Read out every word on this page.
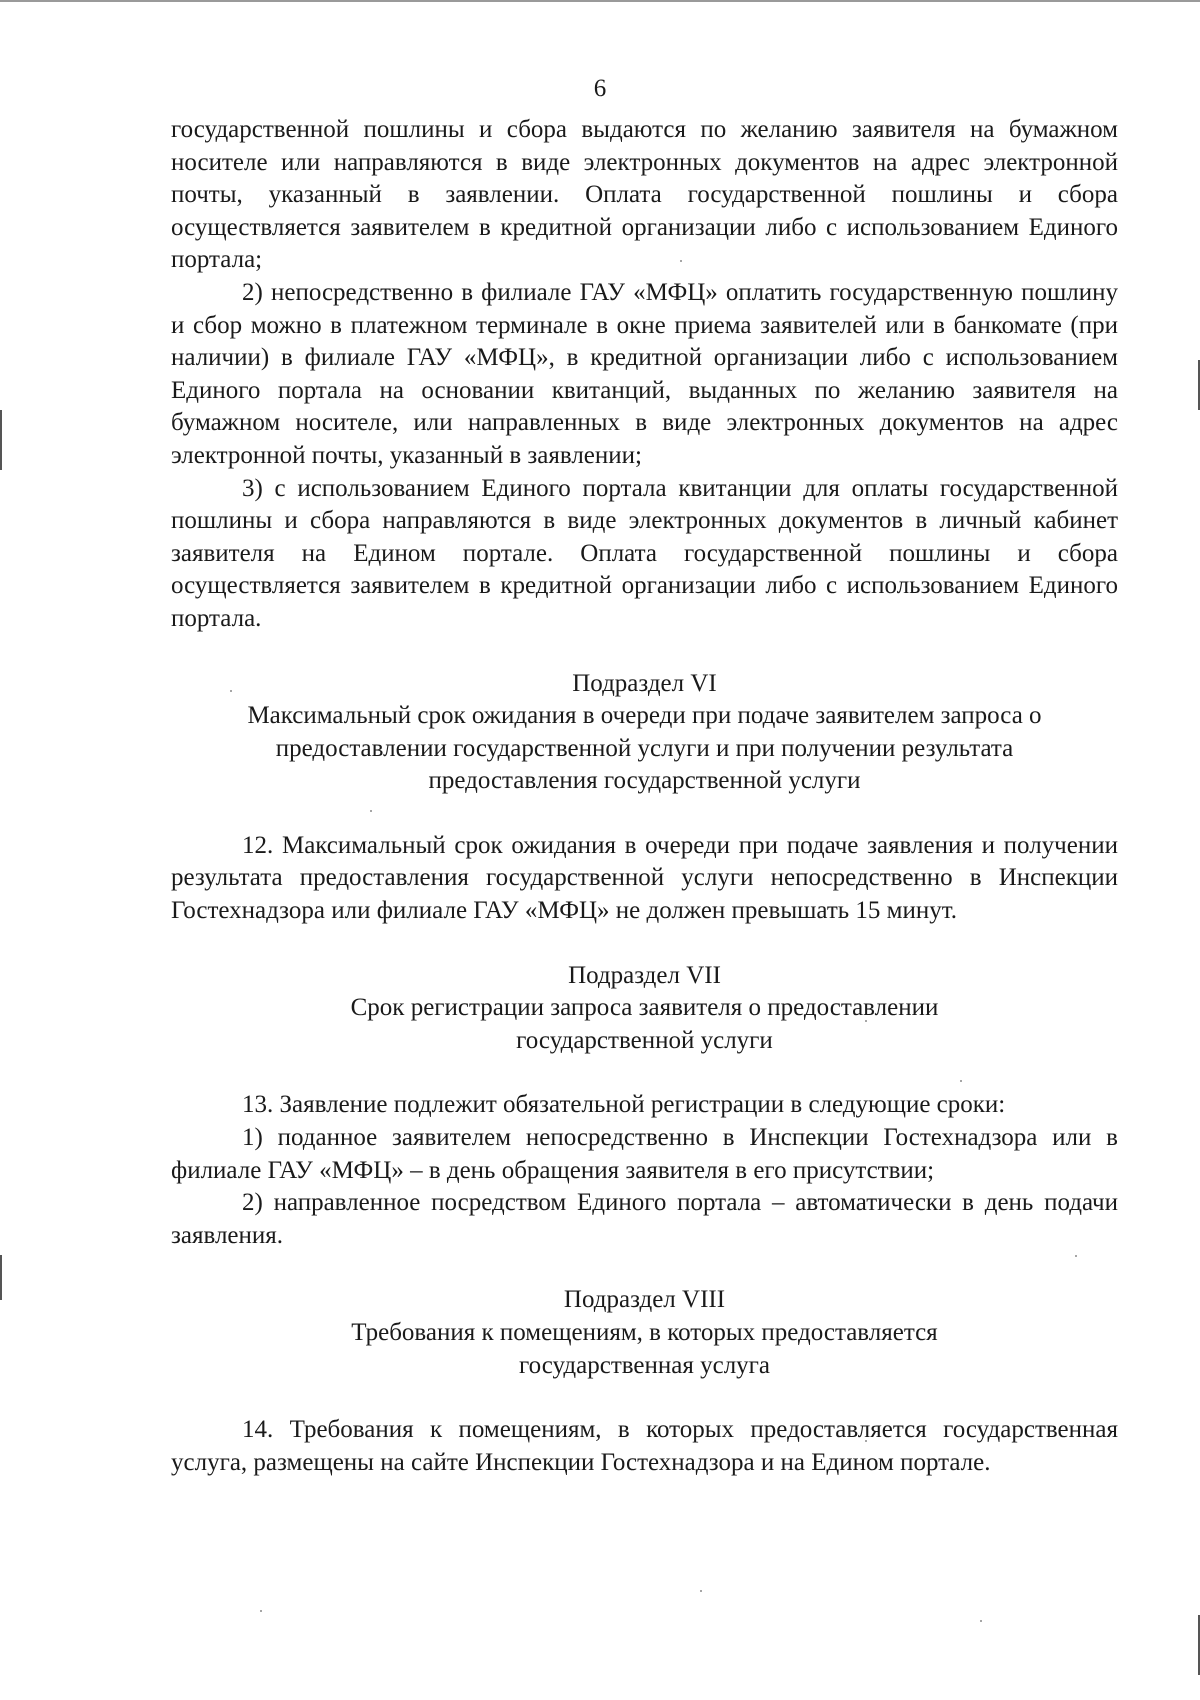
6

государственной пошлины и сбора выдаются по желанию заявителя на бумажном носителе или направляются в виде электронных документов на адрес электронной почты, указанный в заявлении. Оплата государственной пошлины и сбора осуществляется заявителем в кредитной организации либо с использованием Единого портала;

2) непосредственно в филиале ГАУ «МФЦ» оплатить государственную пошлину и сбор можно в платежном терминале в окне приема заявителей или в банкомате (при наличии) в филиале ГАУ «МФЦ», в кредитной организации либо с использованием Единого портала на основании квитанций, выданных по желанию заявителя на бумажном носителе, или направленных в виде электронных документов на адрес электронной почты, указанный в заявлении;

3) с использованием Единого портала квитанции для оплаты государственной пошлины и сбора направляются в виде электронных документов в личный кабинет заявителя на Едином портале. Оплата государственной пошлины и сбора осуществляется заявителем в кредитной организации либо с использованием Единого портала.

Подраздел VI
Максимальный срок ожидания в очереди при подаче заявителем запроса о
предоставлении государственной услуги и при получении результата
предоставления государственной услуги

12. Максимальный срок ожидания в очереди при подаче заявления и получении результата предоставления государственной услуги непосредственно в Инспекции Гостехнадзора или филиале ГАУ «МФЦ» не должен превышать 15 минут.

Подраздел VII
Срок регистрации запроса заявителя о предоставлении
государственной услуги

13. Заявление подлежит обязательной регистрации в следующие сроки:

1) поданное заявителем непосредственно в Инспекции Гостехнадзора или в филиале ГАУ «МФЦ» – в день обращения заявителя в его присутствии;

2) направленное посредством Единого портала – автоматически в день подачи заявления.

Подраздел VIII
Требования к помещениям, в которых предоставляется
государственная услуга

14. Требования к помещениям, в которых предоставляется государственная услуга, размещены на сайте Инспекции Гостехнадзора и на Едином портале.
